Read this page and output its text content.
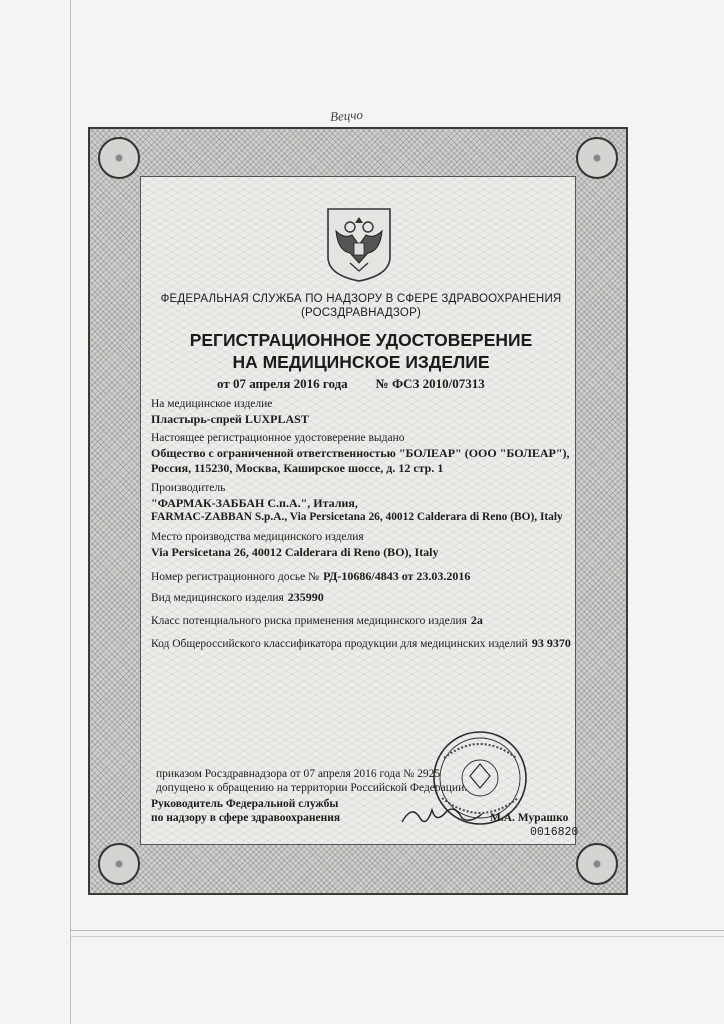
Вецчо
ФЕДЕРАЛЬНАЯ СЛУЖБА ПО НАДЗОРУ В СФЕРЕ ЗДРАВООХРАНЕНИЯ
(РОСЗДРАВНАДЗОР)
РЕГИСТРАЦИОННОЕ УДОСТОВЕРЕНИЕ
НА МЕДИЦИНСКОЕ ИЗДЕЛИЕ
от 07 апреля 2016 года № ФСЗ 2010/07313
На медицинское изделие
Пластырь-спрей LUXPLAST
Настоящее регистрационное удостоверение выдано
Общество с ограниченной ответственностью "БОЛЕАР" (ООО "БОЛЕАР"),
Россия, 115230, Москва, Каширское шоссе, д. 12 стр. 1
Производитель
"ФАРМАК-ЗАББАН С.п.А.", Италия,
FARMAC-ZABBAN S.p.A., Via Persicetana 26, 40012 Calderara di Reno (BO), Italy
Место производства медицинского изделия
Via Persicetana 26, 40012 Calderara di Reno (BO), Italy
Номер регистрационного досье № РД-10686/4843 от 23.03.2016
Вид медицинского изделия 235990
Класс потенциального риска применения медицинского изделия 2а
Код Общероссийского классификатора продукции для медицинских изделий 93 9370
приказом Росздравнадзора от 07 апреля 2016 года № 2925
допущено к обращению на территории Российской Федерации.
Руководитель Федеральной службы
по надзору в сфере здравоохранения	М.А. Мурашко
0016820
